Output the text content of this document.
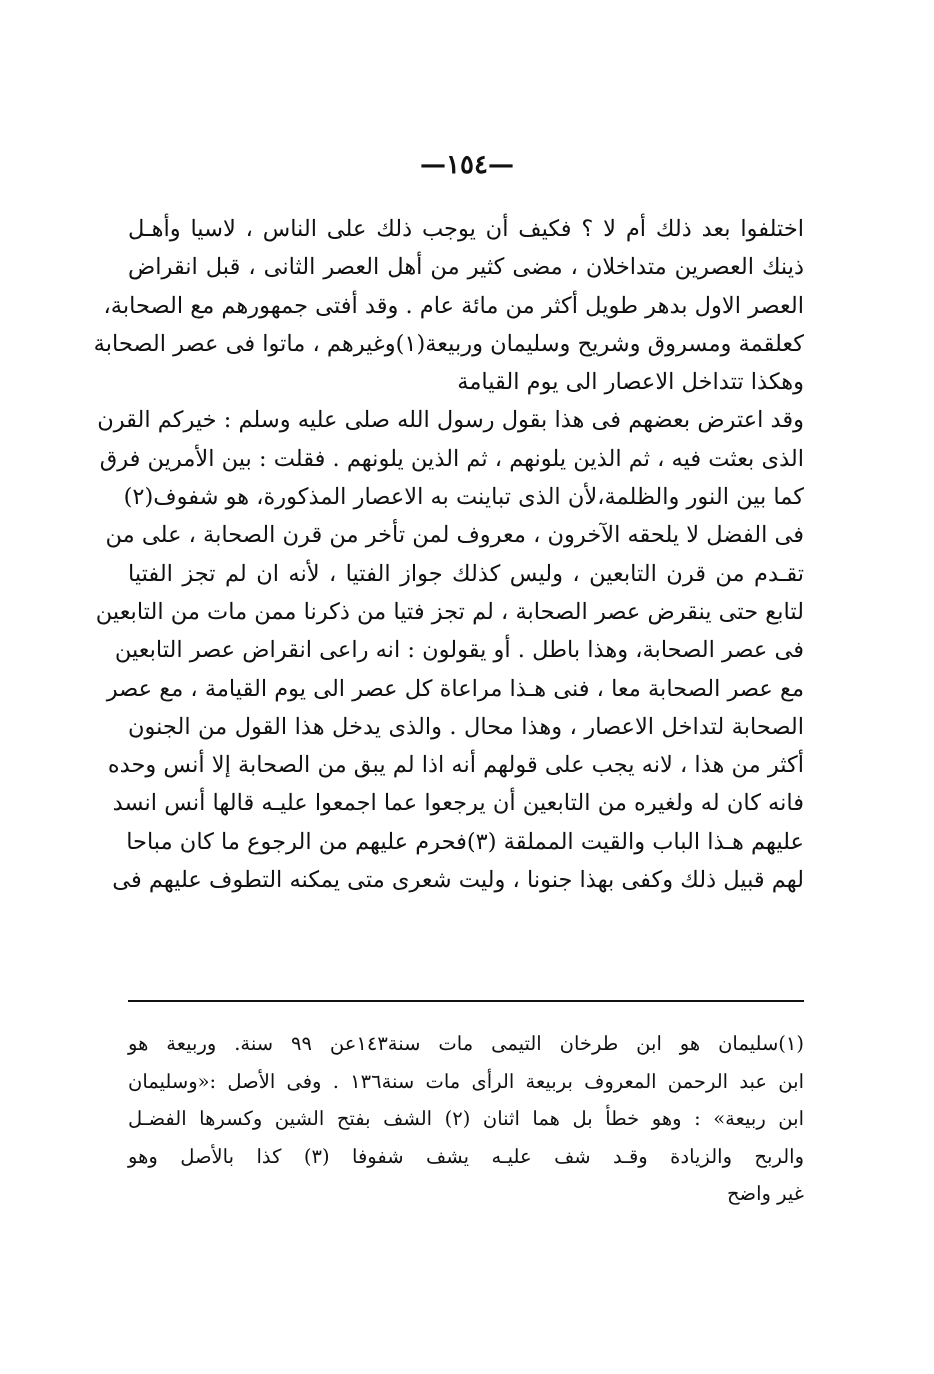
—١٥٤—
اختلفوا بعد ذلك أم لا ؟ فكيف أن يوجب ذلك على الناس ، لاسيا وأهـل
ذينك العصرين متداخلان ، مضى كثير من أهل العصر الثانى ، قبل انقراض
العصر الاول بدهر طويل أكثر من مائة عام . وقد أفتى جمهورهم مع الصحابة،
كعلقمة ومسروق وشريح وسليمان وربيعة(١)وغيرهم ، ماتوا فى عصر الصحابة
وهكذا تتداخل الاعصار الى يوم القيامة
وقد اعترض بعضهم فى هذا بقول رسول الله صلى عليه وسلم : خيركم القرن
الذى بعثت فيه ، ثم الذين يلونهم ، ثم الذين يلونهم . فقلت : بين الأمرين فرق
كما بين النور والظلمة،لأن الذى تباينت به الاعصار المذكورة، هو شفوف(٢)
فى الفضل لا يلحقه الآخرون ، معروف لمن تأخر من قرن الصحابة ، على من
تقـدم من قرن التابعين ، وليس كذلك جواز الفتيا ، لأنه ان لم تجز الفتيا
لتابع حتى ينقرض عصر الصحابة ، لم تجز فتيا من ذكرنا ممن مات من التابعين
فى عصر الصحابة، وهذا باطل . أو يقولون : انه راعى انقراض عصر التابعين
مع عصر الصحابة معا ، فنى هـذا مراعاة كل عصر الى يوم القيامة ، مع عصر
الصحابة لتداخل الاعصار ، وهذا محال . والذى يدخل هذا القول من الجنون
أكثر من هذا ، لانه يجب على قولهم أنه اذا لم يبق من الصحابة إلا أنس وحده
فانه كان له ولغيره من التابعين أن يرجعوا عما اجمعوا عليـه قالها أنس انسد
عليهم هـذا الباب والقيت المملقة (٣)فحرم عليهم من الرجوع ما كان مباحا
لهم قبيل ذلك وكفى بهذا جنونا ، وليت شعرى متى يمكنه التطوف عليهم فى
(١)سليمان هو ابن طرخان التيمى مات سنة١٤٣عن ٩٩ سنة. وربيعة هو
ابن عبد الرحمن المعروف بربيعة الرأى مات سنة١٣٦ . وفى الأصل :«وسليمان
ابن ربيعة» : وهو خطأ بل هما اثنان (٢) الشف بفتح الشين وكسرها الفضـل
والربح والزيادة وقـد شف عليـه يشف شفوفا (٣) كذا بالأصل وهو
غير واضح
